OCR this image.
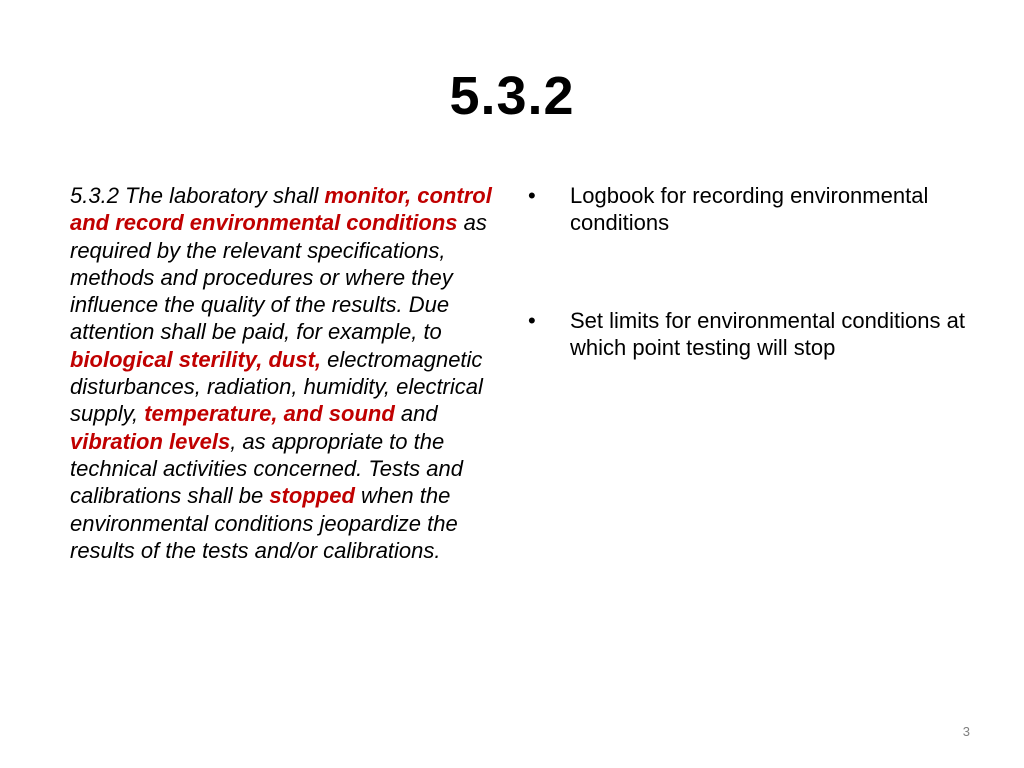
5.3.2
5.3.2 The laboratory shall monitor, control and record environmental conditions as required by the relevant specifications, methods and procedures or where they influence the quality of the results. Due attention shall be paid, for example, to biological sterility, dust, electromagnetic disturbances, radiation, humidity, electrical supply, temperature, and sound and vibration levels, as appropriate to the technical activities concerned. Tests and calibrations shall be stopped when the environmental conditions jeopardize the results of the tests and/or calibrations.
•	Logbook for recording environmental conditions
•	Set limits for environmental conditions at which point testing will stop
3
